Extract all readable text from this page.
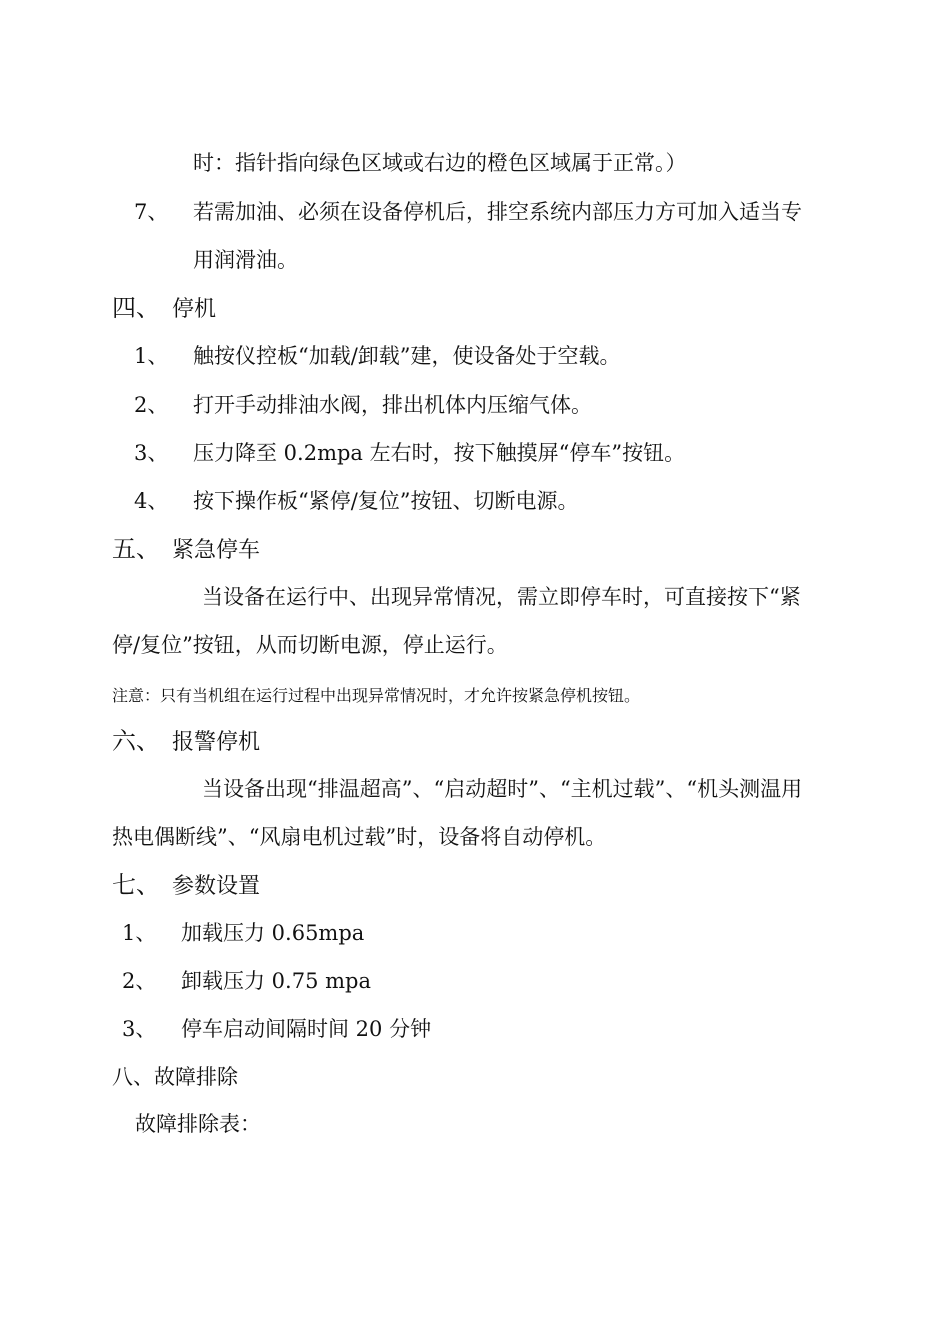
时：指针指向绿色区域或右边的橙色区域属于正常。）
7、 若需加油、必须在设备停机后，排空系统内部压力方可加入适当专
用润滑油。
四、 停机
1、 触按仪控板“加载/卸载”建，使设备处于空载。
2、 打开手动排油水阀，排出机体内压缩气体。
3、 压力降至 0.2mpa 左右时，按下触摸屏“停车”按钮。
4、 按下操作板“紧停/复位”按钮、切断电源。
五、 紧急停车
当设备在运行中、出现异常情况，需立即停车时，可直接按下“紧
停/复位”按钮，从而切断电源，停止运行。
注意：只有当机组在运行过程中出现异常情况时，才允许按紧急停机按钮。
六、 报警停机
当设备出现“排温超高”、“启动超时”、“主机过载”、“机头测温用
热电偶断线”、“风扇电机过载”时，设备将自动停机。
七、 参数设置
1、 加载压力 0.65mpa
2、 卸载压力 0.75 mpa
3、 停车启动间隔时间 20 分钟
八、故障排除
故障排除表：
